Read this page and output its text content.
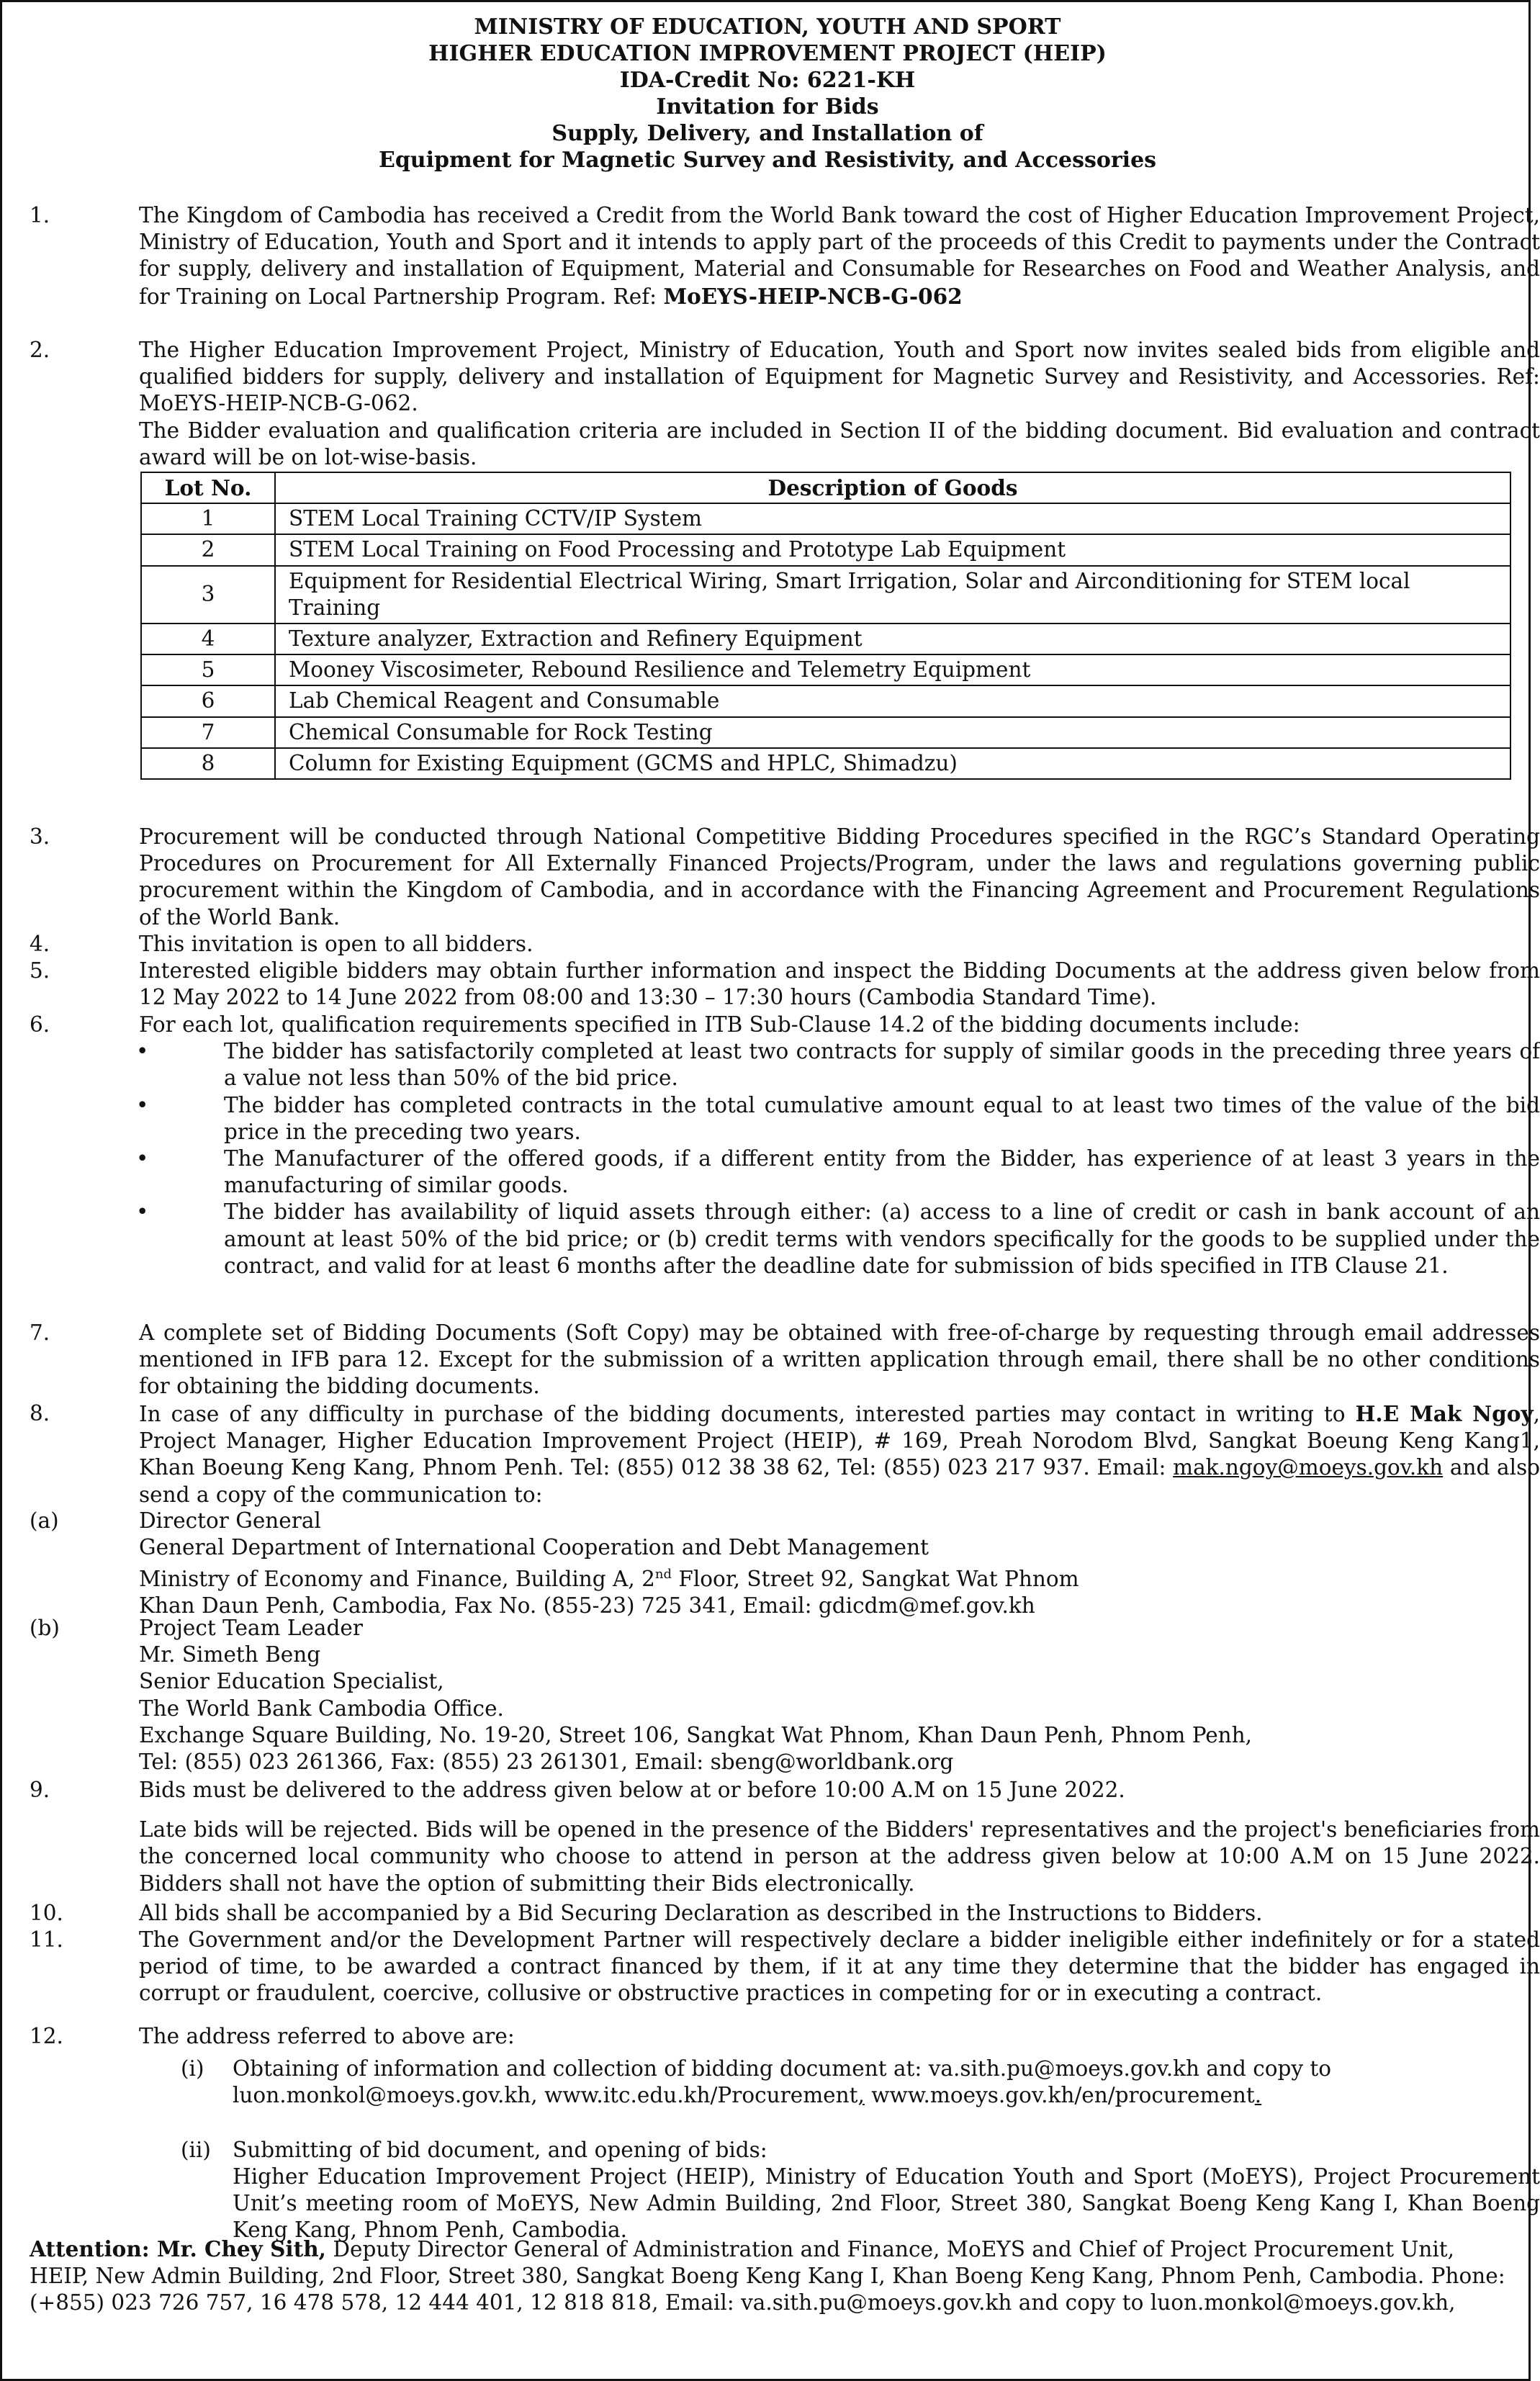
MINISTRY OF EDUCATION, YOUTH AND SPORT
HIGHER EDUCATION IMPROVEMENT PROJECT (HEIP)
IDA-Credit No: 6221-KH
Invitation for Bids
Supply, Delivery, and Installation of
Equipment for Magnetic Survey and Resistivity, and Accessories
1.	The Kingdom of Cambodia has received a Credit from the World Bank toward the cost of Higher Education Improvement Project, Ministry of Education, Youth and Sport and it intends to apply part of the proceeds of this Credit to payments under the Contract for supply, delivery and installation of Equipment, Material and Consumable for Researches on Food and Weather Analysis, and for Training on Local Partnership Program. Ref: MoEYS-HEIP-NCB-G-062

2.	The Higher Education Improvement Project, Ministry of Education, Youth and Sport now invites sealed bids from eligible and qualified bidders for supply, delivery and installation of Equipment for Magnetic Survey and Resistivity, and Accessories. Ref: MoEYS-HEIP-NCB-G-062.

The Bidder evaluation and qualification criteria are included in Section II of the bidding document. Bid evaluation and contract award will be on lot-wise-basis.

Lot No.	Description of Goods
1	STEM Local Training CCTV/IP System
2	STEM Local Training on Food Processing and Prototype Lab Equipment
3	Equipment for Residential Electrical Wiring, Smart Irrigation, Solar and Airconditioning for STEM local Training
4	Texture analyzer, Extraction and Refinery Equipment
5	Mooney Viscosimeter, Rebound Resilience and Telemetry Equipment
6	Lab Chemical Reagent and Consumable
7	Chemical Consumable for Rock Testing
8	Column for Existing Equipment (GCMS and HPLC, Shimadzu)
3.	Procurement will be conducted through National Competitive Bidding Procedures specified in the RGC’s Standard Operating Procedures on Procurement for All Externally Financed Projects/Program, under the laws and regulations governing public procurement within the Kingdom of Cambodia, and in accordance with the Financing Agreement and Procurement Regulations of the World Bank.

4.	This invitation is open to all bidders.

5.	Interested eligible bidders may obtain further information and inspect the Bidding Documents at the address given below from 12 May 2022 to 14 June 2022 from 08:00 and 13:30 – 17:30 hours (Cambodia Standard Time).

6.	For each lot, qualification requirements specified in ITB Sub-Clause 14.2 of the bidding documents include:

•	The bidder has satisfactorily completed at least two contracts for supply of similar goods in the preceding three years of a value not less than 50% of the bid price.

•	The bidder has completed contracts in the total cumulative amount equal to at least two times of the value of the bid price in the preceding two years.

•	The Manufacturer of the offered goods, if a different entity from the Bidder, has experience of at least 3 years in the manufacturing of similar goods.

•	The bidder has availability of liquid assets through either: (a) access to a line of credit or cash in bank account of an amount at least 50% of the bid price; or (b) credit terms with vendors specifically for the goods to be supplied under the contract, and valid for at least 6 months after the deadline date for submission of bids specified in ITB Clause 21.

7.	A complete set of Bidding Documents (Soft Copy) may be obtained with free-of-charge by requesting through email addresses mentioned in IFB para 12. Except for the submission of a written application through email, there shall be no other conditions for obtaining the bidding documents.

8.	In case of any difficulty in purchase of the bidding documents, interested parties may contact in writing to H.E Mak Ngoy, Project Manager, Higher Education Improvement Project (HEIP), # 169, Preah Norodom Blvd, Sangkat Boeung Keng Kang1, Khan Boeung Keng Kang, Phnom Penh. Tel: (855) 012 38 38 62, Tel: (855) 023 217 937. Email: mak.ngoy@moeys.gov.kh and also send a copy of the communication to:

(a)	Director General

General Department of International Cooperation and Debt Management

Ministry of Economy and Finance, Building A, 2nd Floor, Street 92, Sangkat Wat Phnom

Khan Daun Penh, Cambodia, Fax No. (855-23) 725 341, Email: gdicdm@mef.gov.kh

(b)	Project Team Leader

Mr. Simeth Beng

Senior Education Specialist,

The World Bank Cambodia Office.

Exchange Square Building, No. 19-20, Street 106, Sangkat Wat Phnom, Khan Daun Penh, Phnom Penh,

Tel: (855) 023 261366, Fax: (855) 23 261301, Email: sbeng@worldbank.org

9.	Bids must be delivered to the address given below at or before 10:00 A.M on 15 June 2022.

Late bids will be rejected. Bids will be opened in the presence of the Bidders' representatives and the project's beneficiaries from the concerned local community who choose to attend in person at the address given below at 10:00 A.M on 15 June 2022. Bidders shall not have the option of submitting their Bids electronically.

10.	All bids shall be accompanied by a Bid Securing Declaration as described in the Instructions to Bidders.

11.	The Government and/or the Development Partner will respectively declare a bidder ineligible either indefinitely or for a stated period of time, to be awarded a contract financed by them, if it at any time they determine that the bidder has engaged in corrupt or fraudulent, coercive, collusive or obstructive practices in competing for or in executing a contract.

12.	The address referred to above are:

(i) Obtaining of information and collection of bidding document at: va.sith.pu@moeys.gov.kh and copy to

luon.monkol@moeys.gov.kh, www.itc.edu.kh/Procurement, www.moeys.gov.kh/en/procurement.

(ii) Submitting of bid document, and opening of bids:

Higher Education Improvement Project (HEIP), Ministry of Education Youth and Sport (MoEYS), Project Procurement Unit’s meeting room of MoEYS, New Admin Building, 2nd Floor, Street 380, Sangkat Boeng Keng Kang I, Khan Boeng Keng Kang, Phnom Penh, Cambodia.

Attention: Mr. Chey Sith, Deputy Director General of Administration and Finance, MoEYS and Chief of Project Procurement Unit, HEIP, New Admin Building, 2nd Floor, Street 380, Sangkat Boeng Keng Kang I, Khan Boeng Keng Kang, Phnom Penh, Cambodia. Phone: (+855) 023 726 757, 16 478 578, 12 444 401, 12 818 818, Email: va.sith.pu@moeys.gov.kh and copy to luon.monkol@moeys.gov.kh,
